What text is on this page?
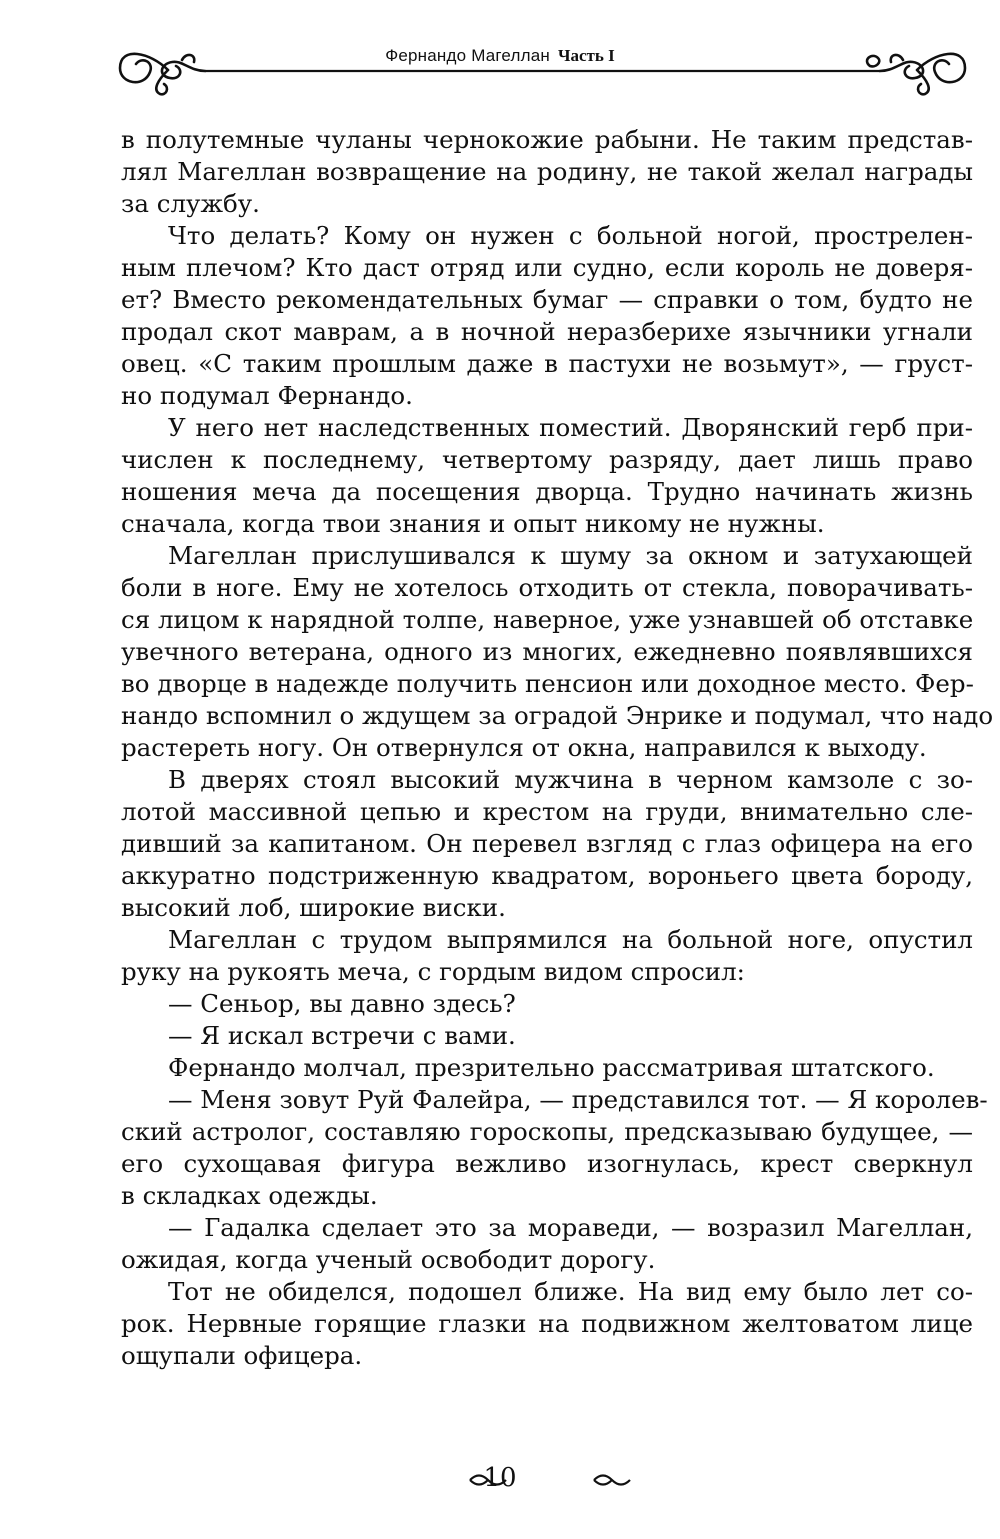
Фернандо Магеллан Часть I
в полутемные чуланы чернокожие рабыни. Не таким представ-
лял Магеллан возвращение на родину, не такой желал награды
за службу.
Что делать? Кому он нужен с больной ногой, прострелен-
ным плечом? Кто даст отряд или судно, если король не доверя-
ет? Вместо рекомендательных бумаг — справки о том, будто не
продал скот маврам, а в ночной неразберихе язычники угнали
овец. «С таким прошлым даже в пастухи не возьмут», — груст-
но подумал Фернандо.
У него нет наследственных поместий. Дворянский герб при-
числен к последнему, четвертому разряду, дает лишь право
ношения меча да посещения дворца. Трудно начинать жизнь
сначала, когда твои знания и опыт никому не нужны.
Магеллан прислушивался к шуму за окном и затухающей
боли в ноге. Ему не хотелось отходить от стекла, поворачивать-
ся лицом к нарядной толпе, наверное, уже узнавшей об отставке
увечного ветерана, одного из многих, ежедневно появлявшихся
во дворце в надежде получить пенсион или доходное место. Фер-
нандо вспомнил о ждущем за оградой Энрике и подумал, что надо
растереть ногу. Он отвернулся от окна, направился к выходу.
В дверях стоял высокий мужчина в черном камзоле с зо-
лотой массивной цепью и крестом на груди, внимательно сле-
дивший за капитаном. Он перевел взгляд с глаз офицера на его
аккуратно подстриженную квадратом, вороньего цвета бороду,
высокий лоб, широкие виски.
Магеллан с трудом выпрямился на больной ноге, опустил
руку на рукоять меча, с гордым видом спросил:
— Сеньор, вы давно здесь?
— Я искал встречи с вами.
Фернандо молчал, презрительно рассматривая штатского.
— Меня зовут Руй Фалейра, — представился тот. — Я королев-
ский астролог, составляю гороскопы, предсказываю будущее, —
его сухощавая фигура вежливо изогнулась, крест сверкнул
в складках одежды.
— Гадалка сделает это за мораведи, — возразил Магеллан,
ожидая, когда ученый освободит дорогу.
Тот не обиделся, подошел ближе. На вид ему было лет со-
рок. Нервные горящие глазки на подвижном желтоватом лице
ощупали офицера.
10
